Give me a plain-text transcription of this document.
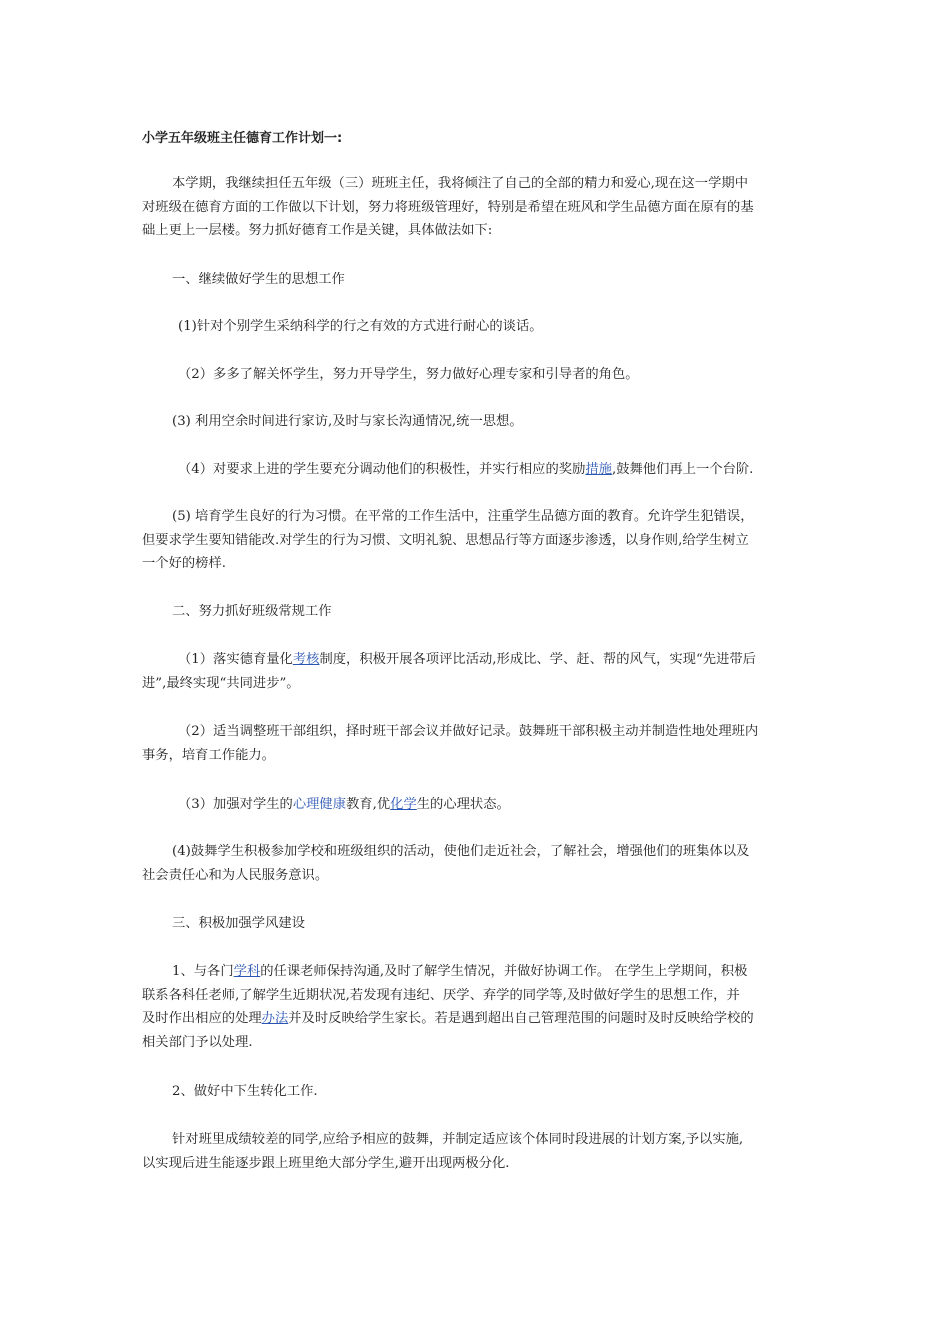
小学五年级班主任德育工作计划一:
本学期，我继续担任五年级（三）班班主任，我将倾注了自己的全部的精力和爱心,现在这一学期中
对班级在德育方面的工作做以下计划，努力将班级管理好，特别是希望在班风和学生品德方面在原有的基
础上更上一层楼。努力抓好德育工作是关键，具体做法如下:
一、继续做好学生的思想工作
(1)针对个别学生采纳科学的行之有效的方式进行耐心的谈话。
（2）多多了解关怀学生，努力开导学生，努力做好心理专家和引导者的角色。
(3) 利用空余时间进行家访,及时与家长沟通情况,统一思想。
（4）对要求上进的学生要充分调动他们的积极性，并实行相应的奖励措施,鼓舞他们再上一个台阶.
(5) 培育学生良好的行为习惯。在平常的工作生活中，注重学生品德方面的教育。允许学生犯错误，
但要求学生要知错能改.对学生的行为习惯、文明礼貌、思想品行等方面逐步渗透，以身作则,给学生树立
一个好的榜样.
二、努力抓好班级常规工作
（1）落实德育量化考核制度，积极开展各项评比活动,形成比、学、赶、帮的风气，实现“先进带后
进”,最终实现“共同进步”。
（2）适当调整班干部组织，择时班干部会议并做好记录。鼓舞班干部积极主动并制造性地处理班内
事务，培育工作能力。
（3）加强对学生的心理健康教育,优化学生的心理状态。
(4)鼓舞学生积极参加学校和班级组织的活动，使他们走近社会，了解社会，增强他们的班集体以及
社会责任心和为人民服务意识。
三、积极加强学风建设
1、与各门学科的任课老师保持沟通,及时了解学生情况，并做好协调工作。 在学生上学期间，积极
联系各科任老师,了解学生近期状况,若发现有违纪、厌学、弃学的同学等,及时做好学生的思想工作，并
及时作出相应的处理办法并及时反映给学生家长。若是遇到超出自己管理范围的问题时及时反映给学校的
相关部门予以处理.
2、做好中下生转化工作.
针对班里成绩较差的同学,应给予相应的鼓舞，并制定适应该个体同时段进展的计划方案,予以实施,
以实现后进生能逐步跟上班里绝大部分学生,避开出现两极分化.
